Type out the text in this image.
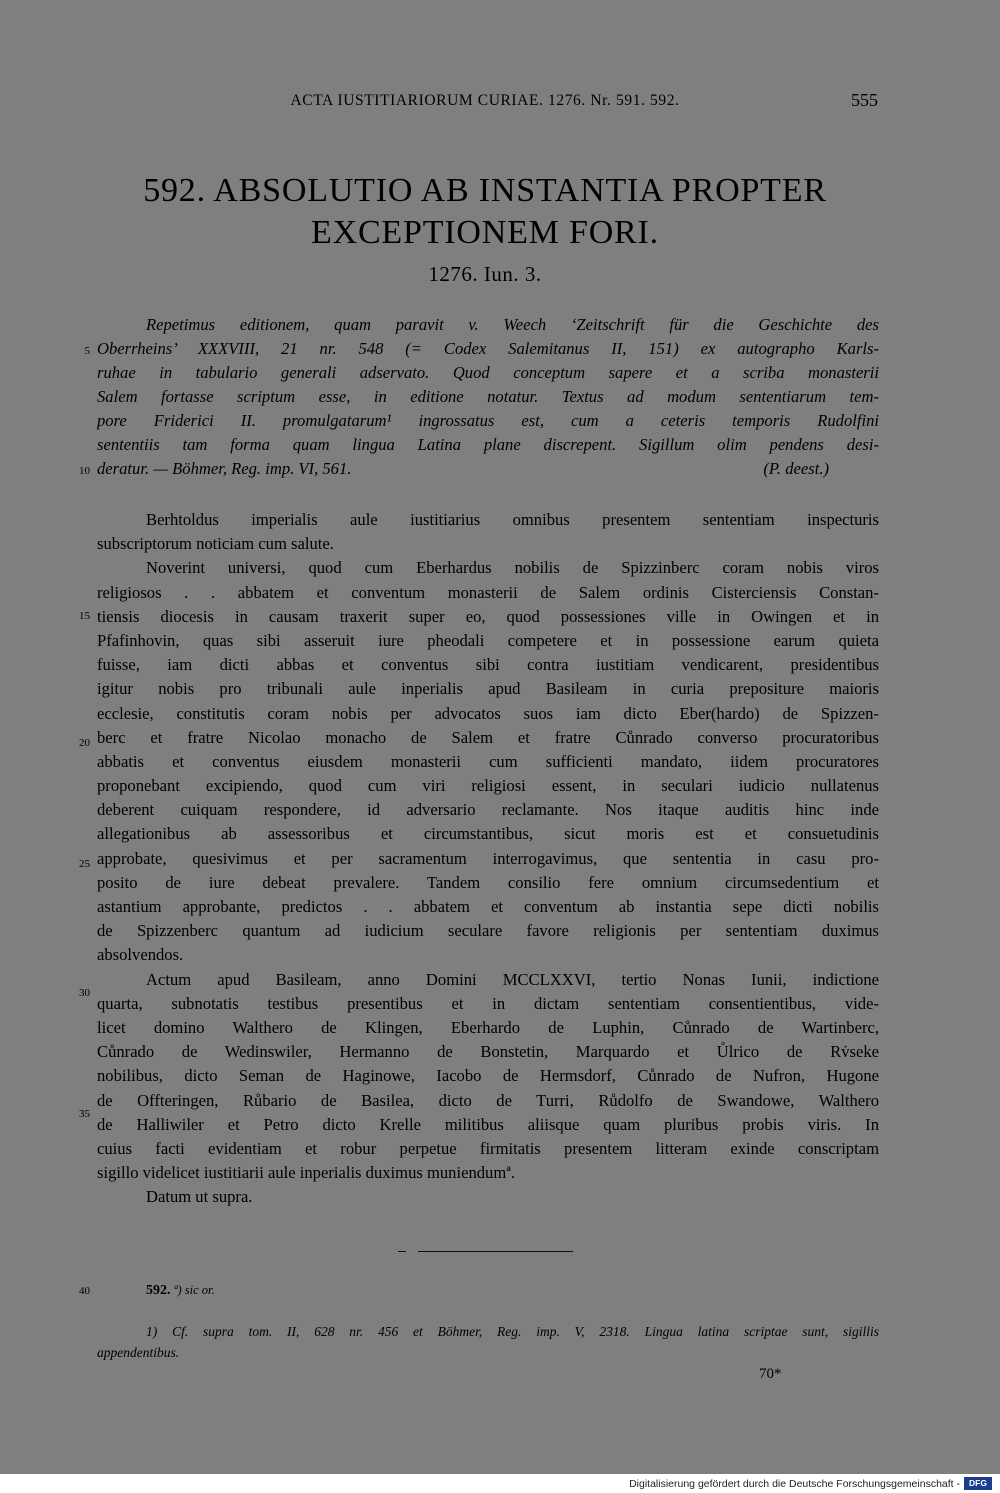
ACTA IUSTITIARIORUM CURIAE. 1276. Nr. 591. 592.	555
592. ABSOLUTIO AB INSTANTIA PROPTER
EXCEPTIONEM FORI.
1276. Iun. 3.
5
10
15
20
25
30
35
40
Repetimus editionem, quam paravit v. Weech ‘Zeitschrift für die Geschichte des
Oberrheins’ XXXVIII, 21 nr. 548 (= Codex Salemitanus II, 151) ex autographo Karls-
ruhae in tabulario generali adservato. Quod conceptum sapere et a scriba monasterii
Salem fortasse scriptum esse, in editione notatur. Textus ad modum sententiarum tem-
pore Friderici II. promulgatarum¹ ingrossatus est, cum a ceteris temporis Rudolfini
sententiis tam forma quam lingua Latina plane discrepent. Sigillum olim pendens desi-
deratur. — Böhmer, Reg. imp. VI, 561.	(P. deest.)
Berhtoldus imperialis aule iustitiarius omnibus presentem sententiam inspecturis
subscriptorum noticiam cum salute.
Noverint universi, quod cum Eberhardus nobilis de Spizzinberc coram nobis viros
religiosos . . abbatem et conventum monasterii de Salem ordinis Cisterciensis Constan-
tiensis diocesis in causam traxerit super eo, quod possessiones ville in Owingen et in
Pfafinhovin, quas sibi asseruit iure pheodali competere et in possessione earum quieta
fuisse, iam dicti abbas et conventus sibi contra iustitiam vendicarent, presidentibus
igitur nobis pro tribunali aule inperialis apud Basileam in curia prepositure maioris
ecclesie, constitutis coram nobis per advocatos suos iam dicto Eber(hardo) de Spizzen-
berc et fratre Nicolao monacho de Salem et fratre Cůnrado converso procuratoribus
abbatis et conventus eiusdem monasterii cum sufficienti mandato, iidem procuratores
proponebant excipiendo, quod cum viri religiosi essent, in seculari iudicio nullatenus
deberent cuiquam respondere, id adversario reclamante. Nos itaque auditis hinc inde
allegationibus ab assessoribus et circumstantibus, sicut moris est et consuetudinis
approbate, quesivimus et per sacramentum interrogavimus, que sententia in casu pro-
posito de iure debeat prevalere. Tandem consilio fere omnium circumsedentium et
astantium approbante, predictos . . abbatem et conventum ab instantia sepe dicti nobilis
de Spizzenberc quantum ad iudicium seculare favore religionis per sententiam duximus
absolvendos.
Actum apud Basileam, anno Domini MCCLXXVI, tertio Nonas Iunii, indictione
quarta, subnotatis testibus presentibus et in dictam sententiam consentientibus, vide-
licet domino Walthero de Klingen, Eberhardo de Luphin, Cůnrado de Wartinberc,
Cůnrado de Wedinswiler, Hermanno de Bonstetin, Marquardo et Ůlrico de Rv̇seke
nobilibus, dicto Seman de Haginowe, Iacobo de Hermsdorf, Cůnrado de Nufron, Hugone
de Offteringen, Růbario de Basilea, dicto de Turri, Růdolfo de Swandowe, Walthero
de Halliwiler et Petro dicto Krelle militibus aliisque quam pluribus probis viris. In
cuius facti evidentiam et robur perpetue firmitatis presentem litteram exinde conscriptam
sigillo videlicet iustitiarii aule inperialis duximus muniendumª.
Datum ut supra.
592. ª) sic or.
1) Cf. supra tom. II, 628 nr. 456 et Böhmer, Reg. imp. V, 2318. Lingua latina scriptae sunt, sigillis
appendentibus.
70*
Digitalisierung gefördert durch die Deutsche Forschungsgemeinschaft -	DFG
